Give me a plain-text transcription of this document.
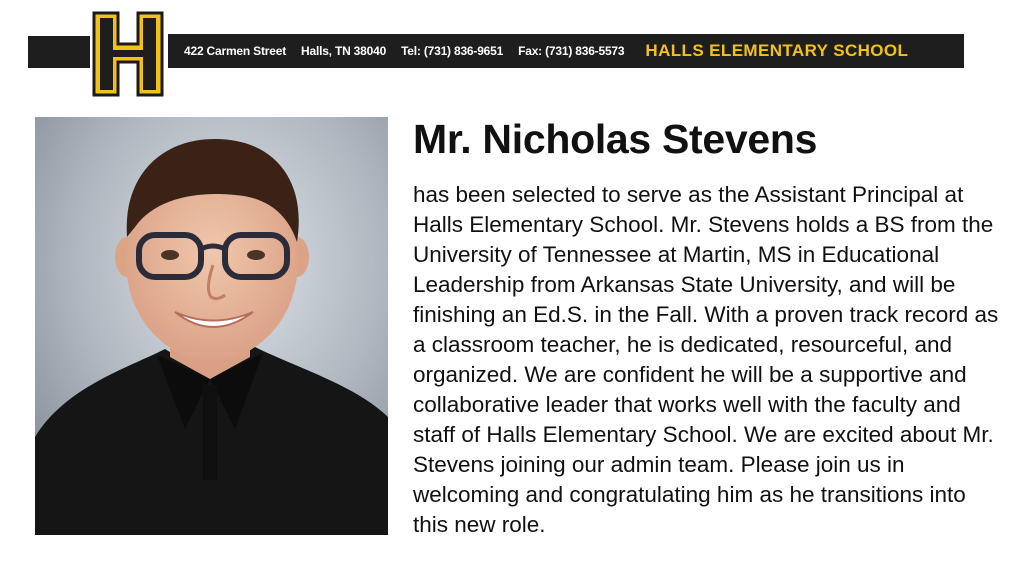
422 Carmen Street Halls, TN 38040 Tel: (731) 836-9651 Fax: (731) 836-5573 HALLS ELEMENTARY SCHOOL
Mr. Nicholas Stevens

has been selected to serve as the Assistant Principal at Halls Elementary School. Mr. Stevens holds a BS from the University of Tennessee at Martin, MS in Educational Leadership from Arkansas State University, and will be finishing an Ed.S. in the Fall. With a proven track record as a classroom teacher, he is dedicated, resourceful, and organized. We are confident he will be a supportive and collaborative leader that works well with the faculty and staff of Halls Elementary School. We are excited about Mr. Stevens joining our admin team. Please join us in welcoming and congratulating him as he transitions into this new role.
